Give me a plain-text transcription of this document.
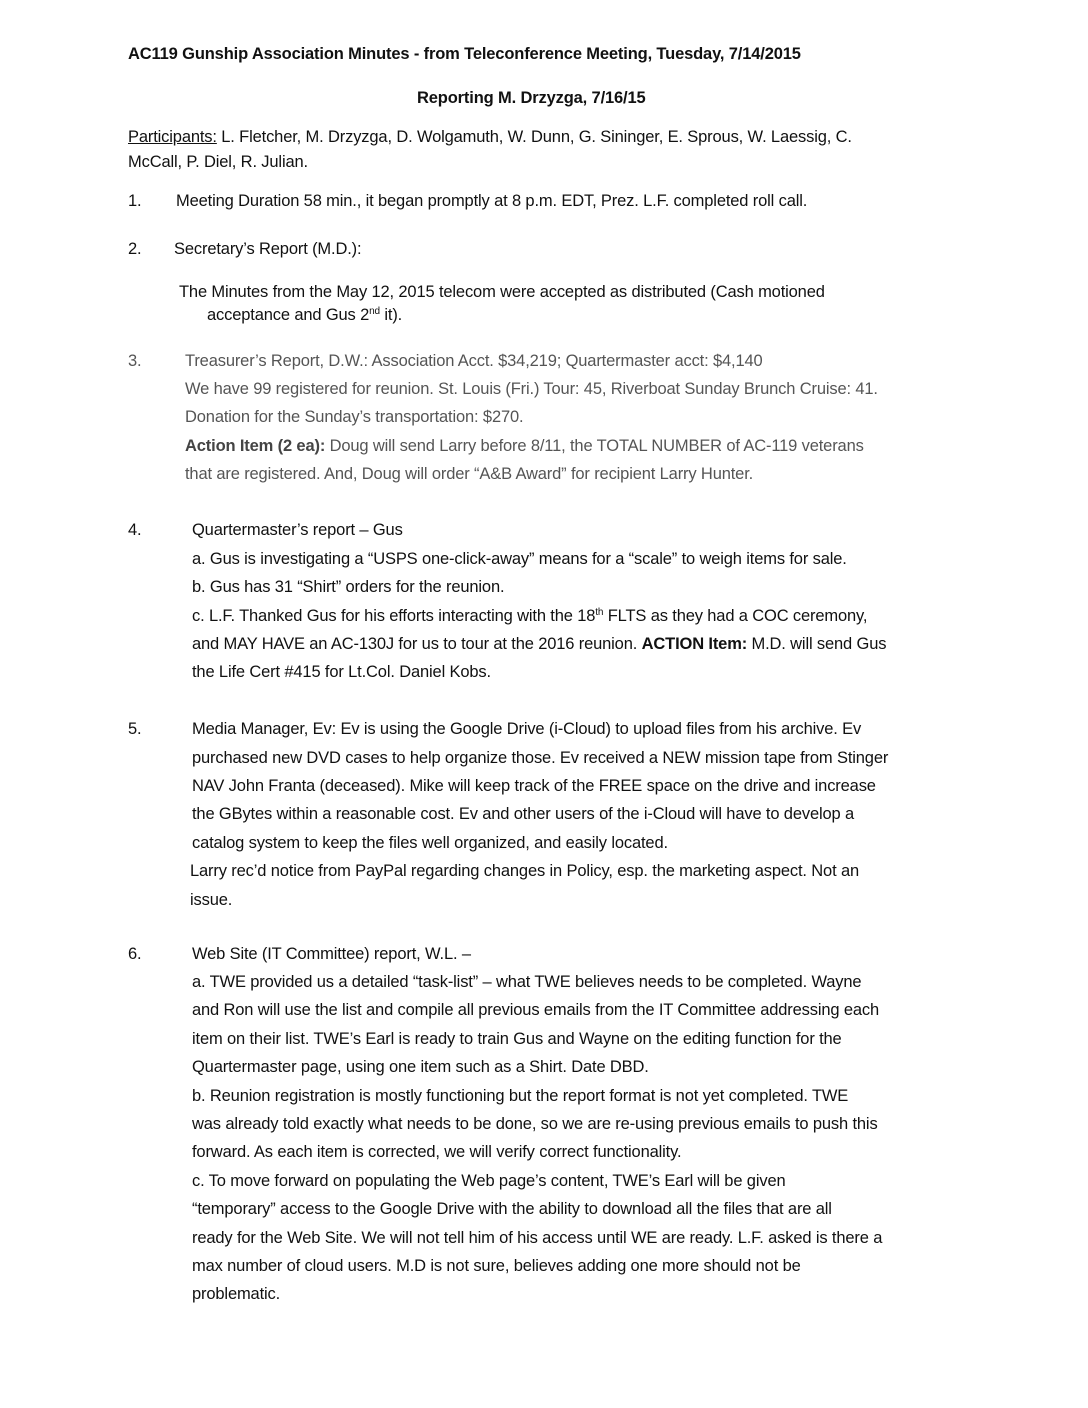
AC119 Gunship Association Minutes - from Teleconference Meeting, Tuesday, 7/14/2015
Reporting M. Drzyzga, 7/16/15
Participants: L. Fletcher, M. Drzyzga, D. Wolgamuth, W. Dunn, G. Sininger, E. Sprous, W. Laessig, C.
McCall, P. Diel, R. Julian.
1. Meeting Duration 58 min., it began promptly at 8 p.m. EDT, Prez. L.F. completed roll call.
2. Secretary’s Report (M.D.):
The Minutes from the May 12, 2015 telecom were accepted as distributed (Cash motioned
acceptance and Gus 2nd it).
3.	Treasurer’s Report, D.W.: Association Acct. $34,219; Quartermaster acct: $4,140
We have 99 registered for reunion. St. Louis (Fri.) Tour: 45, Riverboat Sunday Brunch Cruise: 41.
Donation for the Sunday’s transportation: $270.
Action Item (2 ea): Doug will send Larry before 8/11, the TOTAL NUMBER of AC-119 veterans
that are registered. And, Doug will order “A&B Award” for recipient Larry Hunter.
4.	Quartermaster’s report – Gus
a. Gus is investigating a “USPS one-click-away” means for a “scale” to weigh items for sale.
b. Gus has 31 “Shirt” orders for the reunion.
c. L.F. Thanked Gus for his efforts interacting with the 18th FLTS as they had a COC ceremony,
and MAY HAVE an AC-130J for us to tour at the 2016 reunion. ACTION Item: M.D. will send Gus
the Life Cert #415 for Lt.Col. Daniel Kobs.
5.	Media Manager, Ev: Ev is using the Google Drive (i-Cloud) to upload files from his archive. Ev
purchased new DVD cases to help organize those. Ev received a NEW mission tape from Stinger
NAV John Franta (deceased). Mike will keep track of the FREE space on the drive and increase
the GBytes within a reasonable cost. Ev and other users of the i-Cloud will have to develop a
catalog system to keep the files well organized, and easily located.
Larry rec’d notice from PayPal regarding changes in Policy, esp. the marketing aspect. Not an
issue.
6.	Web Site (IT Committee) report, W.L. –
a. TWE provided us a detailed “task-list” – what TWE believes needs to be completed. Wayne
and Ron will use the list and compile all previous emails from the IT Committee addressing each
item on their list. TWE’s Earl is ready to train Gus and Wayne on the editing function for the
Quartermaster page, using one item such as a Shirt. Date DBD.
b. Reunion registration is mostly functioning but the report format is not yet completed. TWE
was already told exactly what needs to be done, so we are re-using previous emails to push this
forward. As each item is corrected, we will verify correct functionality.
c. To move forward on populating the Web page’s content, TWE’s Earl will be given
“temporary” access to the Google Drive with the ability to download all the files that are all
ready for the Web Site. We will not tell him of his access until WE are ready. L.F. asked is there a
max number of cloud users. M.D is not sure, believes adding one more should not be
problematic.
